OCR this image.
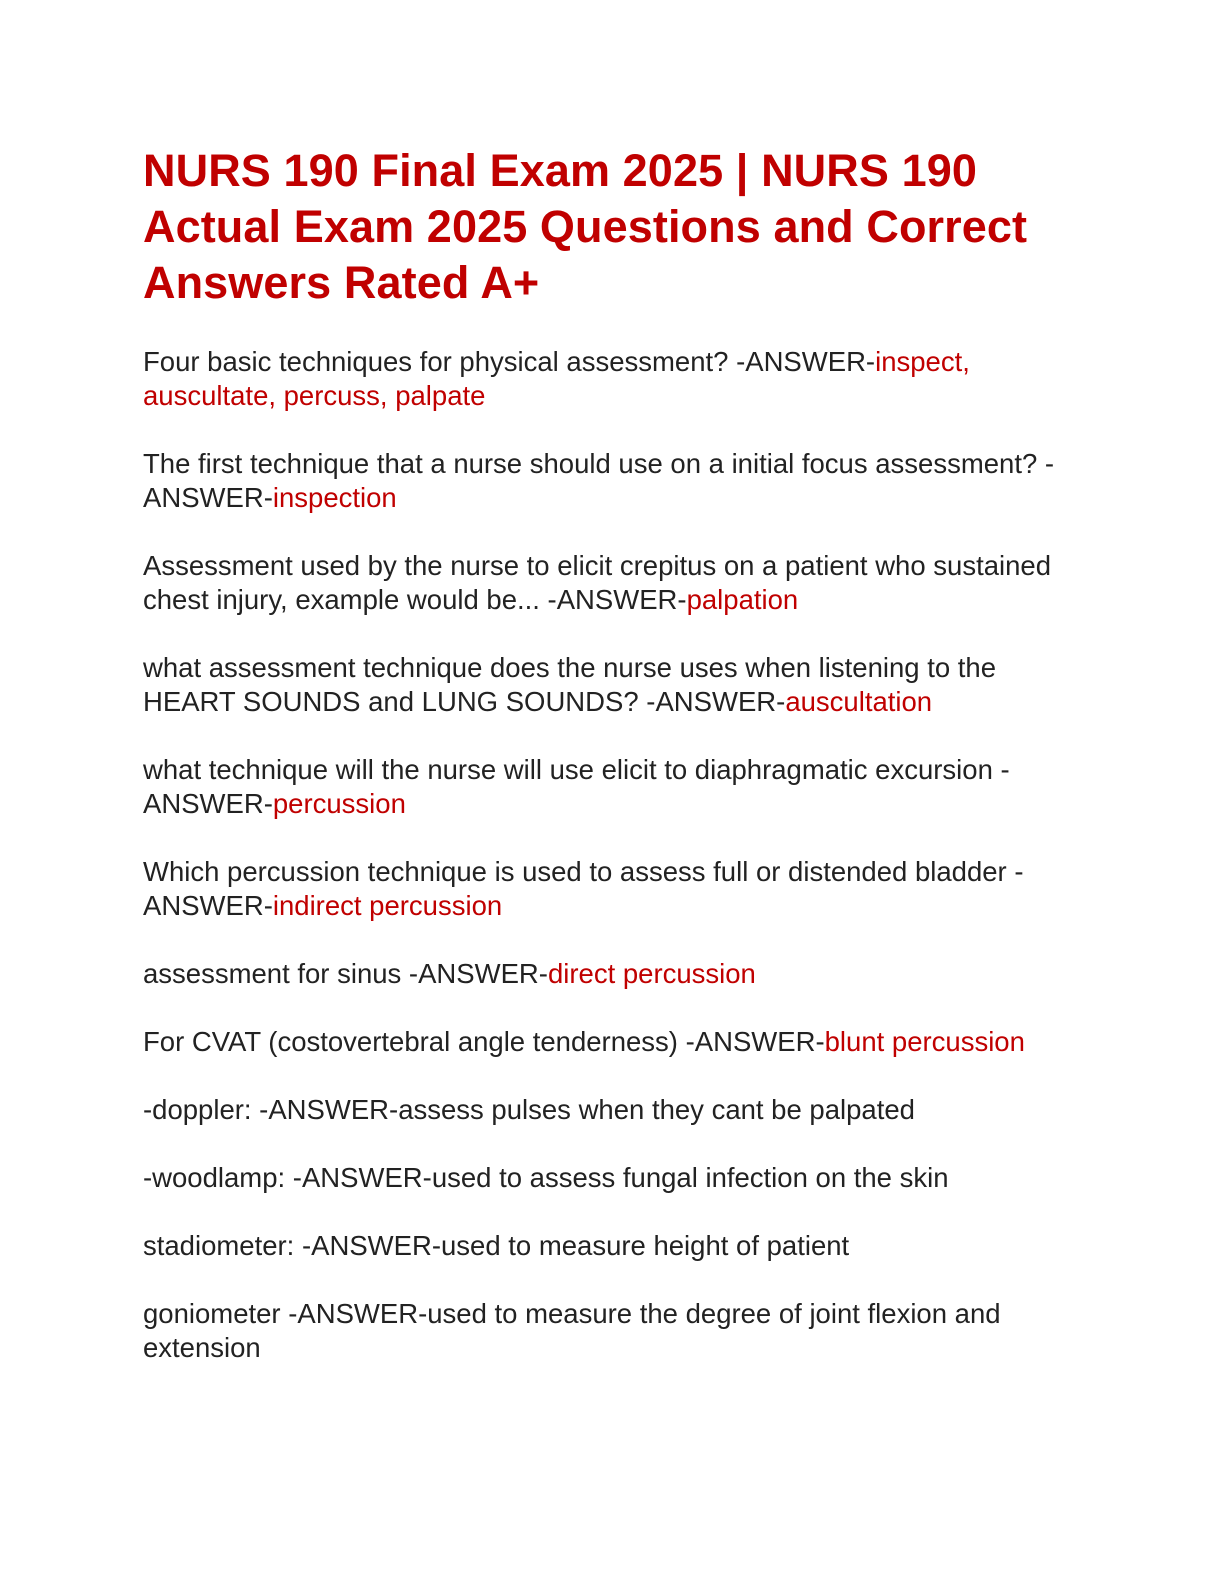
NURS 190 Final Exam 2025 | NURS 190 Actual Exam 2025 Questions and Correct Answers Rated A+

Four basic techniques for physical assessment? -ANSWER-inspect, auscultate, percuss, palpate

The first technique that a nurse should use on a initial focus assessment? -ANSWER-inspection

Assessment used by the nurse to elicit crepitus on a patient who sustained chest injury, example would be... -ANSWER-palpation

what assessment technique does the nurse uses when listening to the HEART SOUNDS and LUNG SOUNDS? -ANSWER-auscultation

what technique will the nurse will use elicit to diaphragmatic excursion -ANSWER-percussion

Which percussion technique is used to assess full or distended bladder -ANSWER-indirect percussion

assessment for sinus -ANSWER-direct percussion

For CVAT (costovertebral angle tenderness) -ANSWER-blunt percussion

-doppler: -ANSWER-assess pulses when they cant be palpated

-woodlamp: -ANSWER-used to assess fungal infection on the skin

stadiometer: -ANSWER-used to measure height of patient

goniometer -ANSWER-used to measure the degree of joint flexion and extension
